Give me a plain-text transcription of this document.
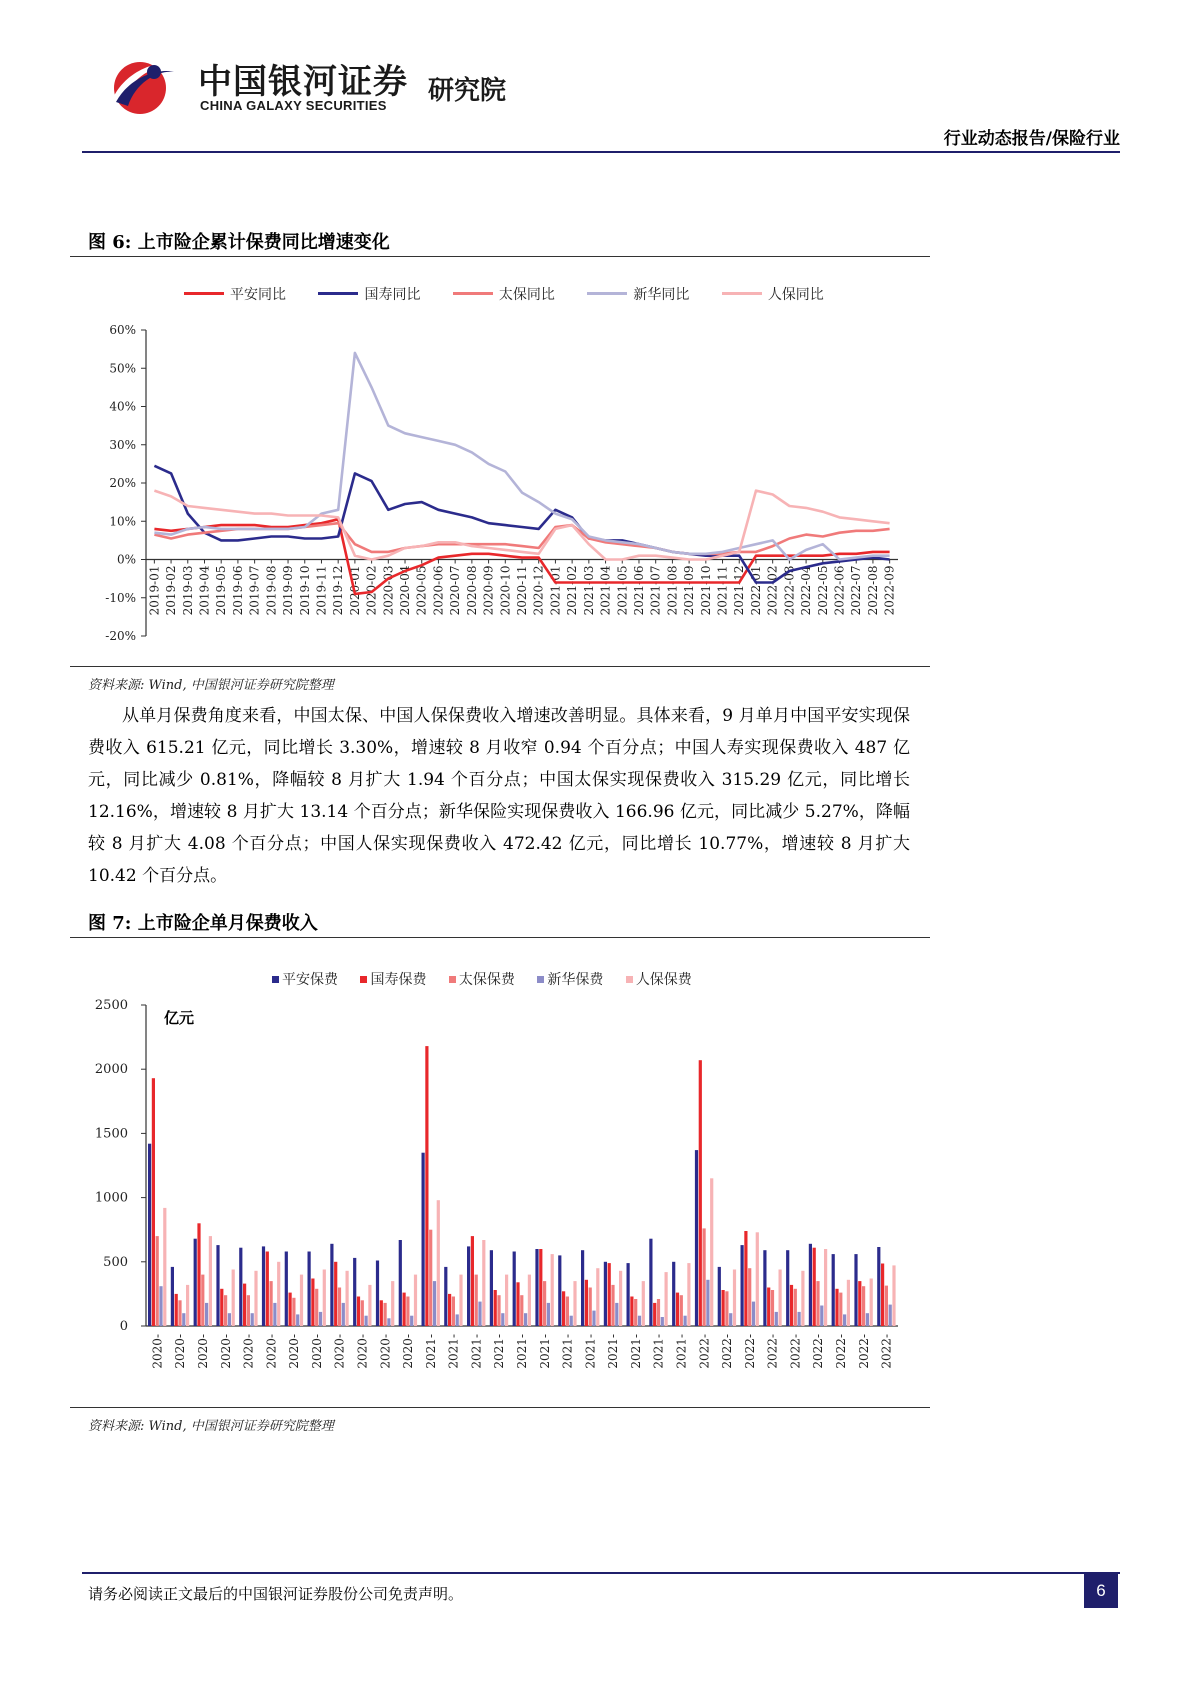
中国银河证券
CHINA GALAXY SECURITIES 研究院
行业动态报告/保险行业
图 6: 上市险企累计保费同比增速变化
平安同比
	国寿同比
	太保同比
	新华同比
	人保同比
60%
50%
40%
30%
20%
10%
0%
-10%
-20%
2019-01 2019-02 2019-03 2019-04 2019-05 2019-06 2019-07 2019-08 2019-09 2019-10 2019-11 2019-12 2020-01 2020-02 2020-03 2020-04 2020-05 2020-06 2020-07 2020-08 2020-09 2020-10 2020-11 2020-12 2021-01 2021-02 2021-03 2021-04 2021-05 2021-06 2021-07 2021-08 2021-09 2021-10 2021-11 2021-12 2022-01 2022-02 2022-03 2022-04 2022-05 2022-06 2022-07 2022-08 2022-09
资料来源: Wind, 中国银河证券研究院整理
从单月保费角度来看，中国太保、中国人保保费收入增速改善明显。具体来看，9 月单月中国平安实现保费收入 615.21 亿元，同比增长 3.30%，增速较 8 月收窄 0.94 个百分点；中国人寿实现保费收入 487 亿元，同比减少 0.81%，降幅较 8 月扩大 1.94 个百分点；中国太保实现保费收入 315.29 亿元，同比增长 12.16%，增速较 8 月扩大 13.14 个百分点；新华保险实现保费收入 166.96 亿元，同比减少 5.27%，降幅较 8 月扩大 4.08 个百分点；中国人保实现保费收入 472.42 亿元，同比增长 10.77%，增速较 8 月扩大 10.42 个百分点。
图 7: 上市险企单月保费收入
平安保费
国寿保费
太保保费
新华保费
人保保费
2500
2000
1500
1000
500
0
亿元
2020- 2020- 2020- 2020- 2020- 2020- 2020- 2020- 2020- 2020- 2020- 2020- 2021- 2021- 2021- 2021- 2021- 2021- 2021- 2021- 2021- 2021- 2021- 2021- 2022- 2022- 2022- 2022- 2022- 2022- 2022- 2022- 2022-
资料来源: Wind, 中国银河证券研究院整理
请务必阅读正文最后的中国银河证券股份公司免责声明。	6
